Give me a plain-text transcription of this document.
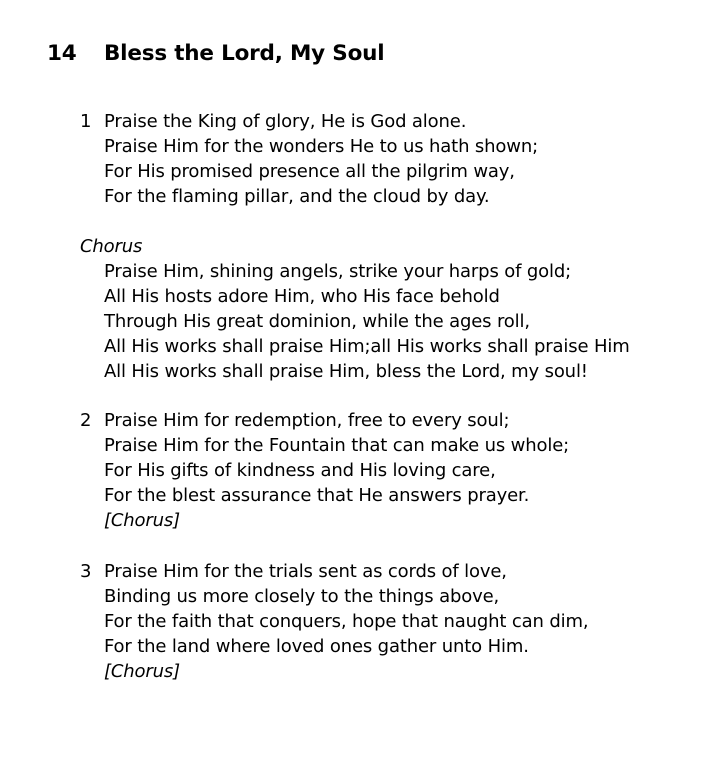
14 Bless the Lord, My Soul
1 Praise the King of glory, He is God alone.
Praise Him for the wonders He to us hath shown;
For His promised presence all the pilgrim way,
For the flaming pillar, and the cloud by day.
Chorus
Praise Him, shining angels, strike your harps of gold;
All His hosts adore Him, who His face behold
Through His great dominion, while the ages roll,
All His works shall praise Him;all His works shall praise Him
All His works shall praise Him, bless the Lord, my soul!
2 Praise Him for redemption, free to every soul;
Praise Him for the Fountain that can make us whole;
For His gifts of kindness and His loving care,
For the blest assurance that He answers prayer.
[Chorus]
3 Praise Him for the trials sent as cords of love,
Binding us more closely to the things above,
For the faith that conquers, hope that naught can dim,
For the land where loved ones gather unto Him.
[Chorus]
